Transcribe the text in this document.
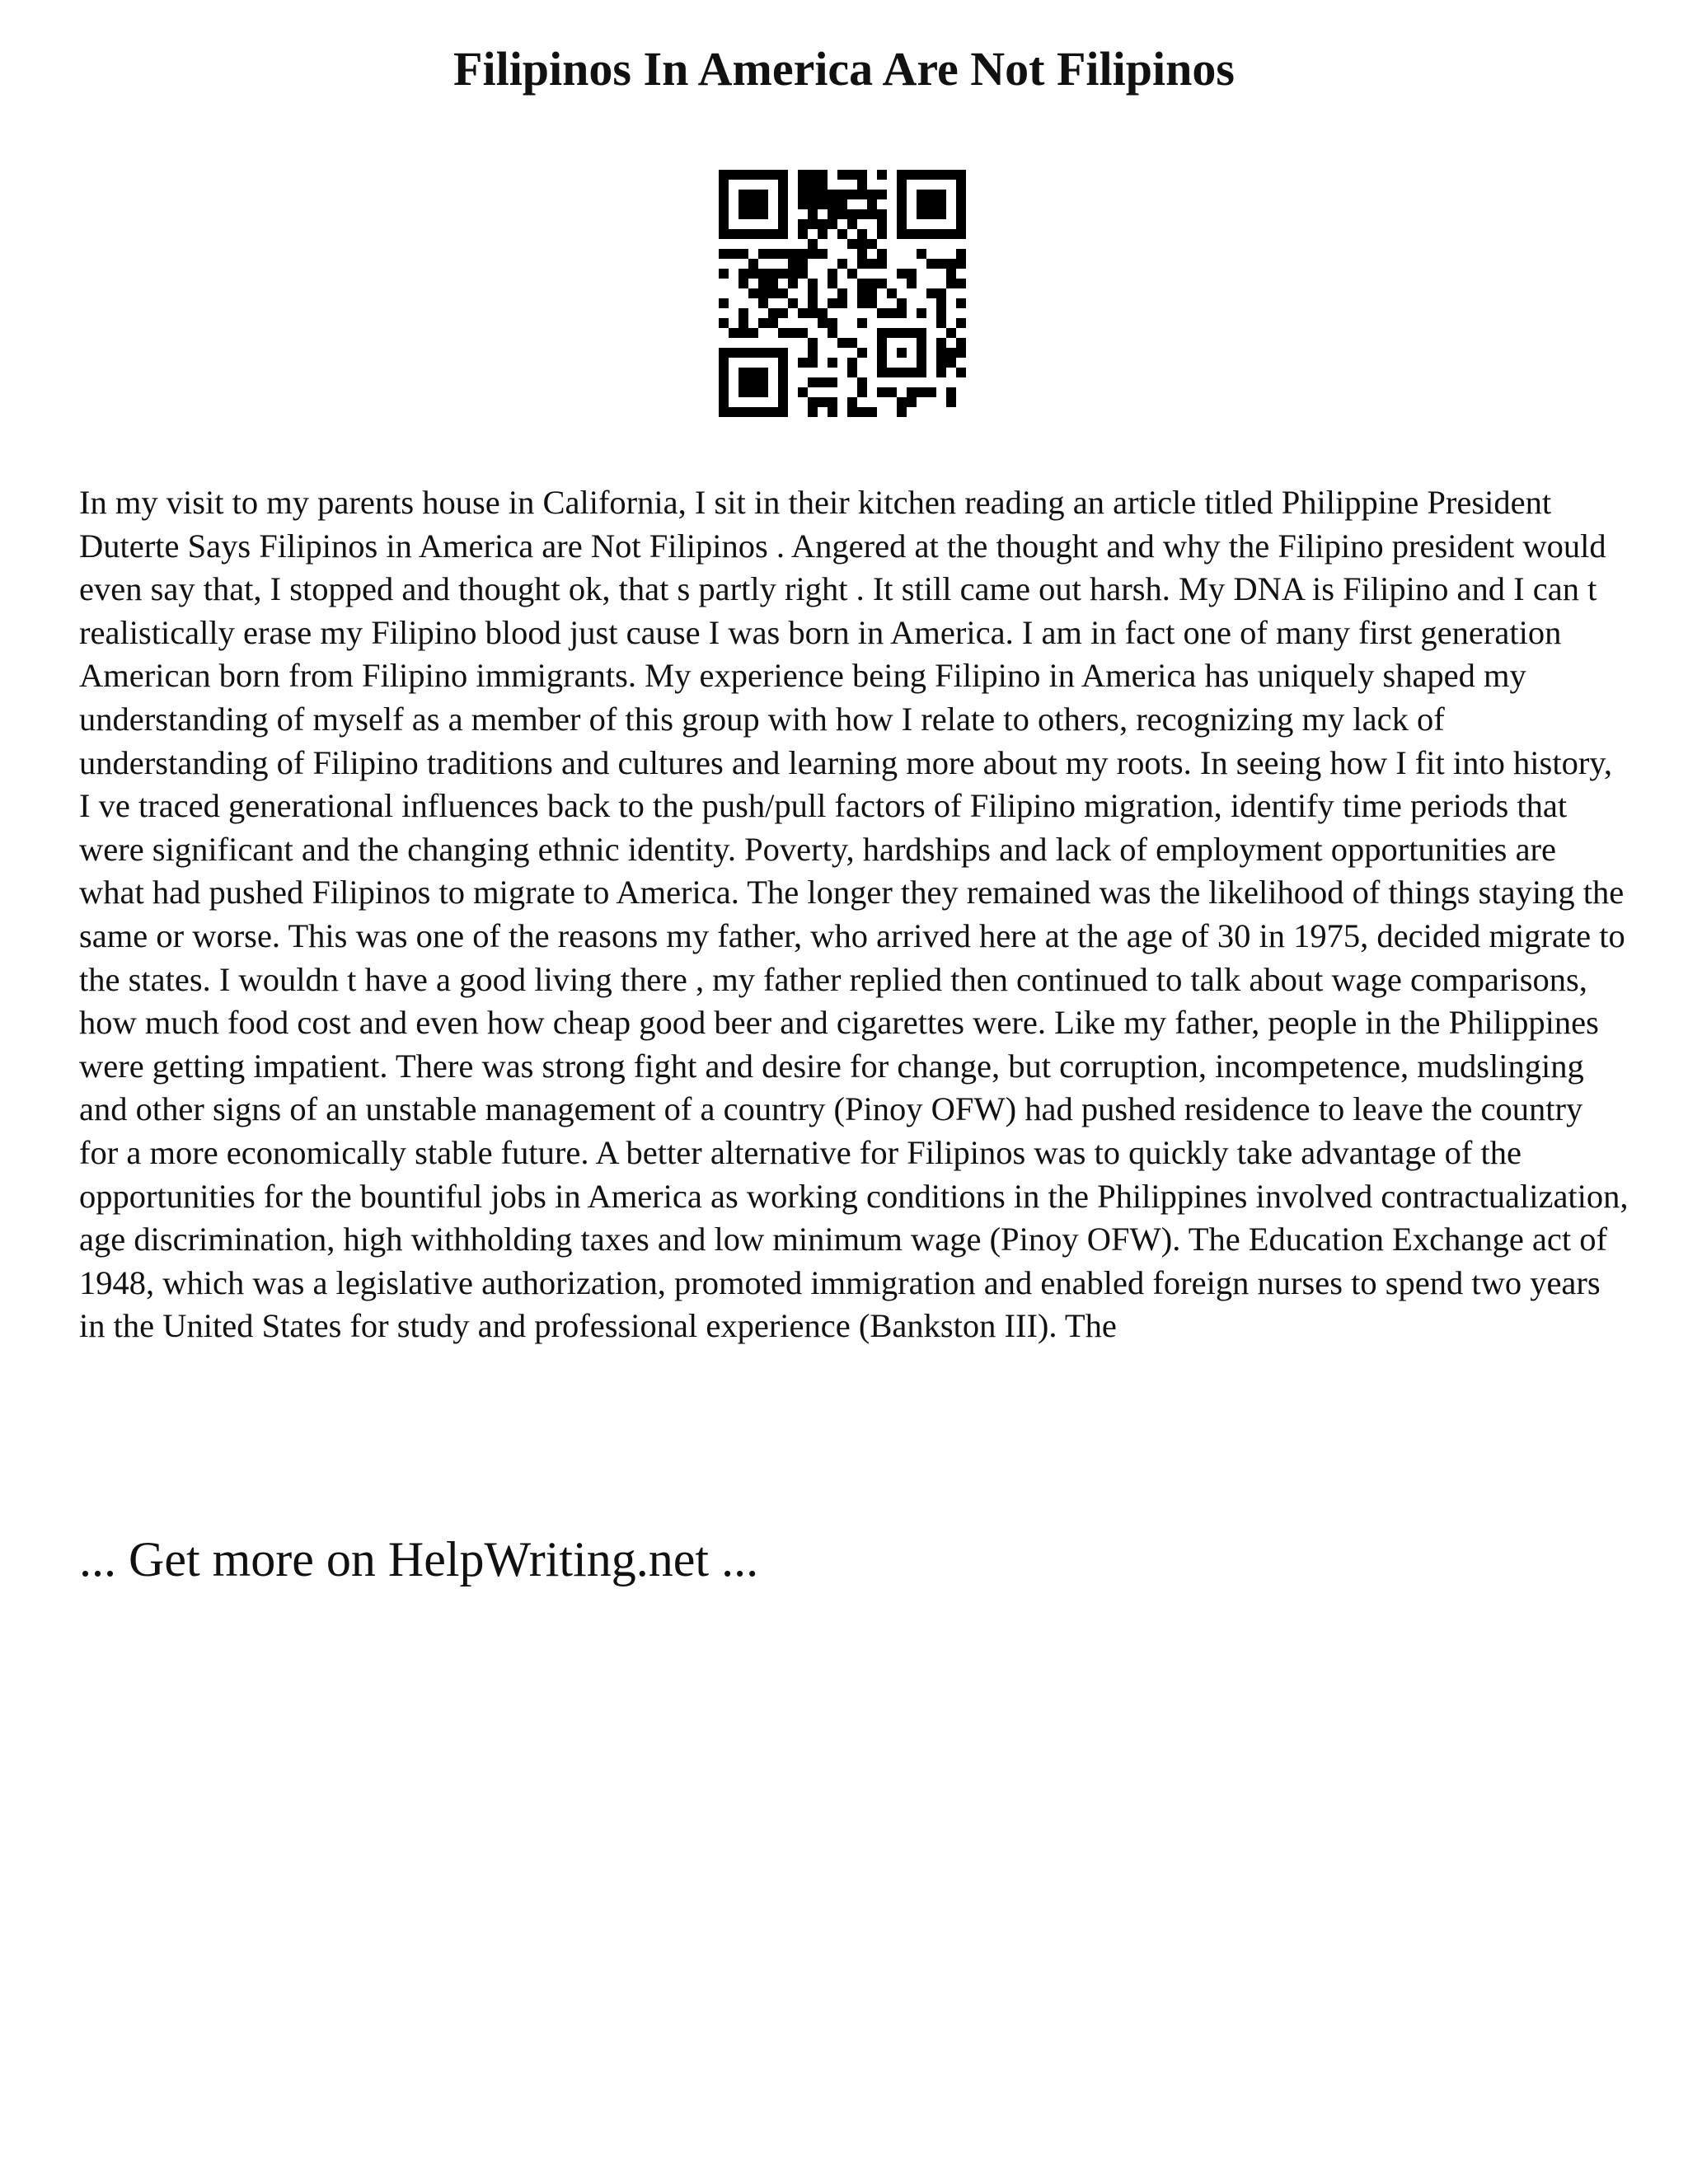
Filipinos In America Are Not Filipinos

In my visit to my parents house in California, I sit in their kitchen reading an article titled Philippine President Duterte Says Filipinos in America are Not Filipinos . Angered at the thought and why the Filipino president would even say that, I stopped and thought ok, that s partly right . It still came out harsh. My DNA is Filipino and I can t realistically erase my Filipino blood just cause I was born in America. I am in fact one of many first generation American born from Filipino immigrants. My experience being Filipino in America has uniquely shaped my understanding of myself as a member of this group with how I relate to others, recognizing my lack of understanding of Filipino traditions and cultures and learning more about my roots. In seeing how I fit into history, I ve traced generational influences back to the push/pull factors of Filipino migration, identify time periods that were significant and the changing ethnic identity. Poverty, hardships and lack of employment opportunities are what had pushed Filipinos to migrate to America. The longer they remained was the likelihood of things staying the same or worse. This was one of the reasons my father, who arrived here at the age of 30 in 1975, decided migrate to the states. I wouldn t have a good living there , my father replied then continued to talk about wage comparisons, how much food cost and even how cheap good beer and cigarettes were. Like my father, people in the Philippines were getting impatient. There was strong fight and desire for change, but corruption, incompetence, mudslinging and other signs of an unstable management of a country (Pinoy OFW) had pushed residence to leave the country for a more economically stable future. A better alternative for Filipinos was to quickly take advantage of the opportunities for the bountiful jobs in America as working conditions in the Philippines involved contractualization, age discrimination, high withholding taxes and low minimum wage (Pinoy OFW). The Education Exchange act of 1948, which was a legislative authorization, promoted immigration and enabled foreign nurses to spend two years in the United States for study and professional experience (Bankston III). The

... Get more on HelpWriting.net ...
